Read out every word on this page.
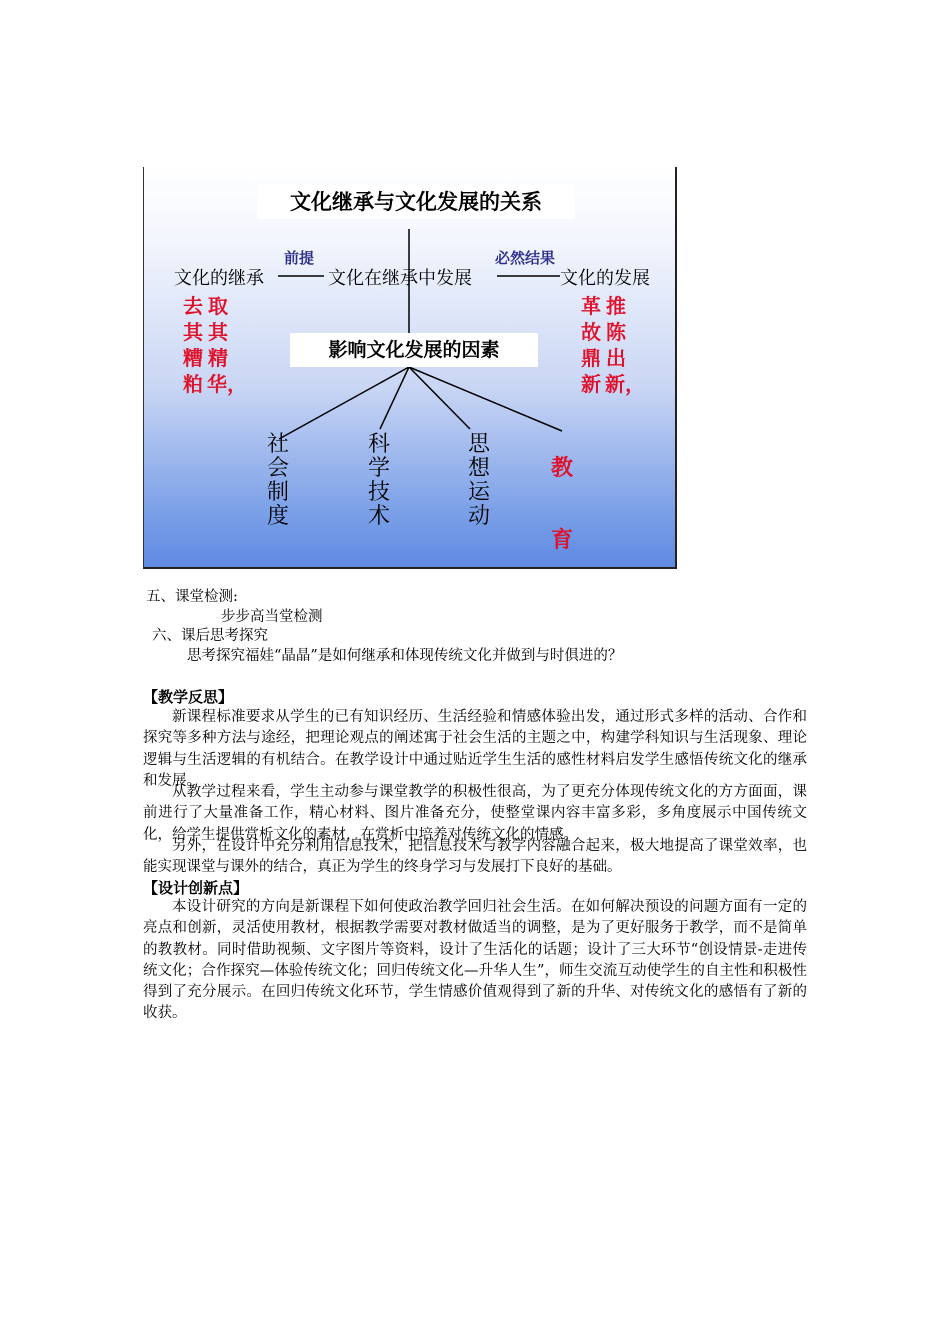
文化继承与文化发展的关系
前提	必然结果
文化的继承	文化在继承中发展	文化的发展
去其糟粕
取其精华，
革故鼎新
推陈出新，
影响文化发展的因素
社会制度
科学技术
思想运动
教育
五、课堂检测:
步步高当堂检测
六、课后思考探究
思考探究福娃“晶晶”是如何继承和体现传统文化并做到与时俱进的？
【教学反思】

新课程标准要求从学生的已有知识经历、生活经验和情感体验出发，通过形式多样的活动、合作和探究等多种方法与途经，把理论观点的阐述寓于社会生活的主题之中，构建学科知识与生活现象、理论逻辑与生活逻辑的有机结合。在教学设计中通过贴近学生生活的感性材料启发学生感悟传统文化的继承和发展。

从教学过程来看，学生主动参与课堂教学的积极性很高，为了更充分体现传统文化的方方面面，课前进行了大量准备工作，精心材料、图片准备充分，使整堂课内容丰富多彩，多角度展示中国传统文化，给学生提供赏析文化的素材，在赏析中培养对传统文化的情感。

另外，在设计中充分利用信息技术，把信息技术与教学内容融合起来，极大地提高了课堂效率，也能实现课堂与课外的结合，真正为学生的终身学习与发展打下良好的基础。

【设计创新点】

本设计研究的方向是新课程下如何使政治教学回归社会生活。在如何解决预设的问题方面有一定的亮点和创新，灵活使用教材，根据教学需要对教材做适当的调整，是为了更好服务于教学，而不是简单的教教材。同时借助视频、文字图片等资料，设计了生活化的话题；设计了三大环节“创设情景-走进传统文化；合作探究—体验传统文化；回归传统文化—升华人生”，师生交流互动使学生的自主性和积极性得到了充分展示。在回归传统文化环节，学生情感价值观得到了新的升华、对传统文化的感悟有了新的收获。
